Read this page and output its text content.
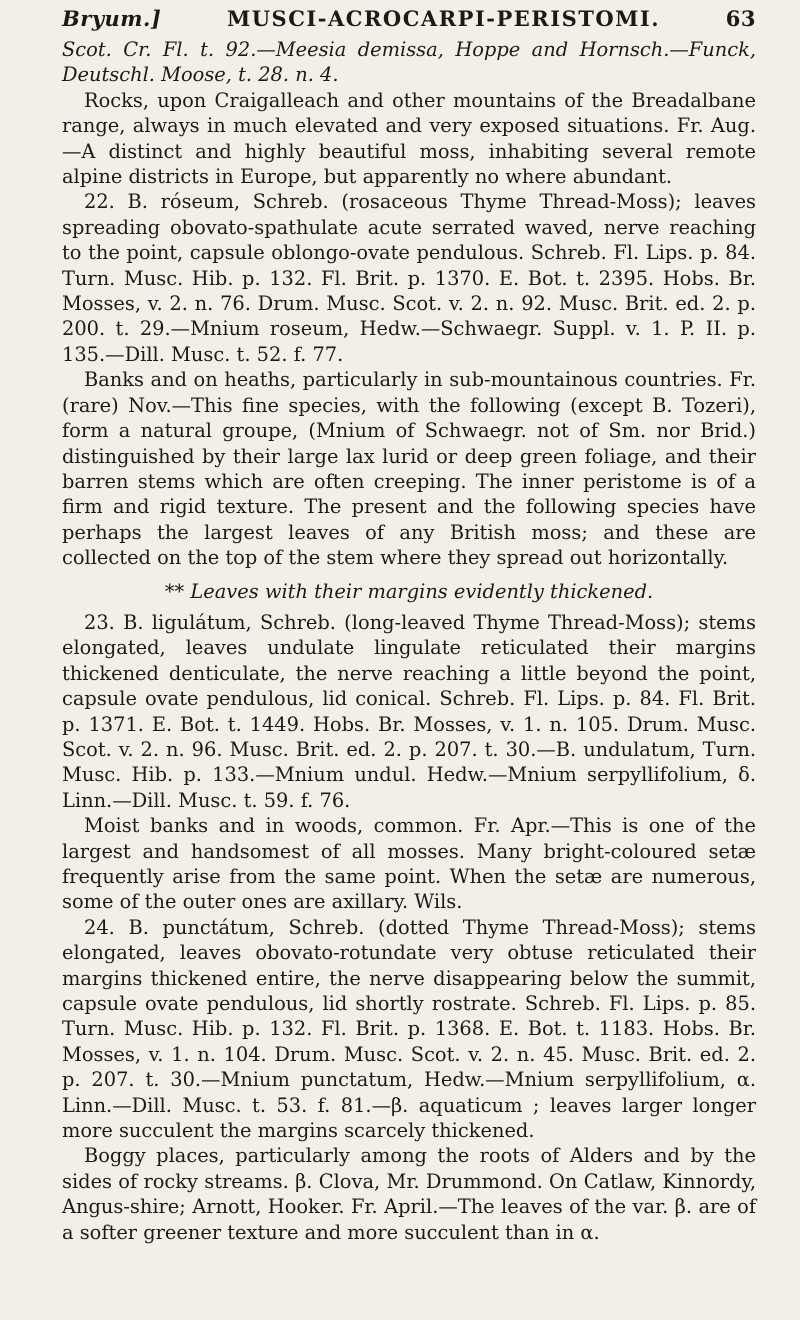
Bryum.]	MUSCI-ACROCARPI-PERISTOMI.	63

Scot. Cr. Fl. t. 92.—Meesia demissa, Hoppe and Hornsch.—Funck, Deutschl. Moose, t. 28. n. 4.

Rocks, upon Craigalleach and other mountains of the Breadalbane range, always in much elevated and very exposed situations. Fr. Aug.—A distinct and highly beautiful moss, inhabiting several remote alpine districts in Europe, but apparently no where abundant.

22. B. róseum, Schreb. (rosaceous Thyme Thread-Moss); leaves spreading obovato-spathulate acute serrated waved, nerve reaching to the point, capsule oblongo-ovate pendulous. Schreb. Fl. Lips. p. 84. Turn. Musc. Hib. p. 132. Fl. Brit. p. 1370. E. Bot. t. 2395. Hobs. Br. Mosses, v. 2. n. 76. Drum. Musc. Scot. v. 2. n. 92. Musc. Brit. ed. 2. p. 200. t. 29.—Mnium roseum, Hedw.—Schwaegr. Suppl. v. 1. P. II. p. 135.—Dill. Musc. t. 52. f. 77.

Banks and on heaths, particularly in sub-mountainous countries. Fr. (rare) Nov.—This fine species, with the following (except B. Tozeri), form a natural groupe, (Mnium of Schwaegr. not of Sm. nor Brid.) distinguished by their large lax lurid or deep green foliage, and their barren stems which are often creeping. The inner peristome is of a firm and rigid texture. The present and the following species have perhaps the largest leaves of any British moss; and these are collected on the top of the stem where they spread out horizontally.

** Leaves with their margins evidently thickened.

23. B. ligulátum, Schreb. (long-leaved Thyme Thread-Moss); stems elongated, leaves undulate lingulate reticulated their margins thickened denticulate, the nerve reaching a little beyond the point, capsule ovate pendulous, lid conical. Schreb. Fl. Lips. p. 84. Fl. Brit. p. 1371. E. Bot. t. 1449. Hobs. Br. Mosses, v. 1. n. 105. Drum. Musc. Scot. v. 2. n. 96. Musc. Brit. ed. 2. p. 207. t. 30.—B. undulatum, Turn. Musc. Hib. p. 133.—Mnium undul. Hedw.—Mnium serpyllifolium, δ. Linn.—Dill. Musc. t. 59. f. 76.

Moist banks and in woods, common. Fr. Apr.—This is one of the largest and handsomest of all mosses. Many bright-coloured setæ frequently arise from the same point. When the setæ are numerous, some of the outer ones are axillary. Wils.

24. B. punctátum, Schreb. (dotted Thyme Thread-Moss); stems elongated, leaves obovato-rotundate very obtuse reticulated their margins thickened entire, the nerve disappearing below the summit, capsule ovate pendulous, lid shortly rostrate. Schreb. Fl. Lips. p. 85. Turn. Musc. Hib. p. 132. Fl. Brit. p. 1368. E. Bot. t. 1183. Hobs. Br. Mosses, v. 1. n. 104. Drum. Musc. Scot. v. 2. n. 45. Musc. Brit. ed. 2. p. 207. t. 30.—Mnium punctatum, Hedw.—Mnium serpyllifolium, α. Linn.—Dill. Musc. t. 53. f. 81.—β. aquaticum ; leaves larger longer more succulent the margins scarcely thickened.

Boggy places, particularly among the roots of Alders and by the sides of rocky streams. β. Clova, Mr. Drummond. On Catlaw, Kinnordy, Angus-shire; Arnott, Hooker. Fr. April.—The leaves of the var. β. are of a softer greener texture and more succulent than in α.
